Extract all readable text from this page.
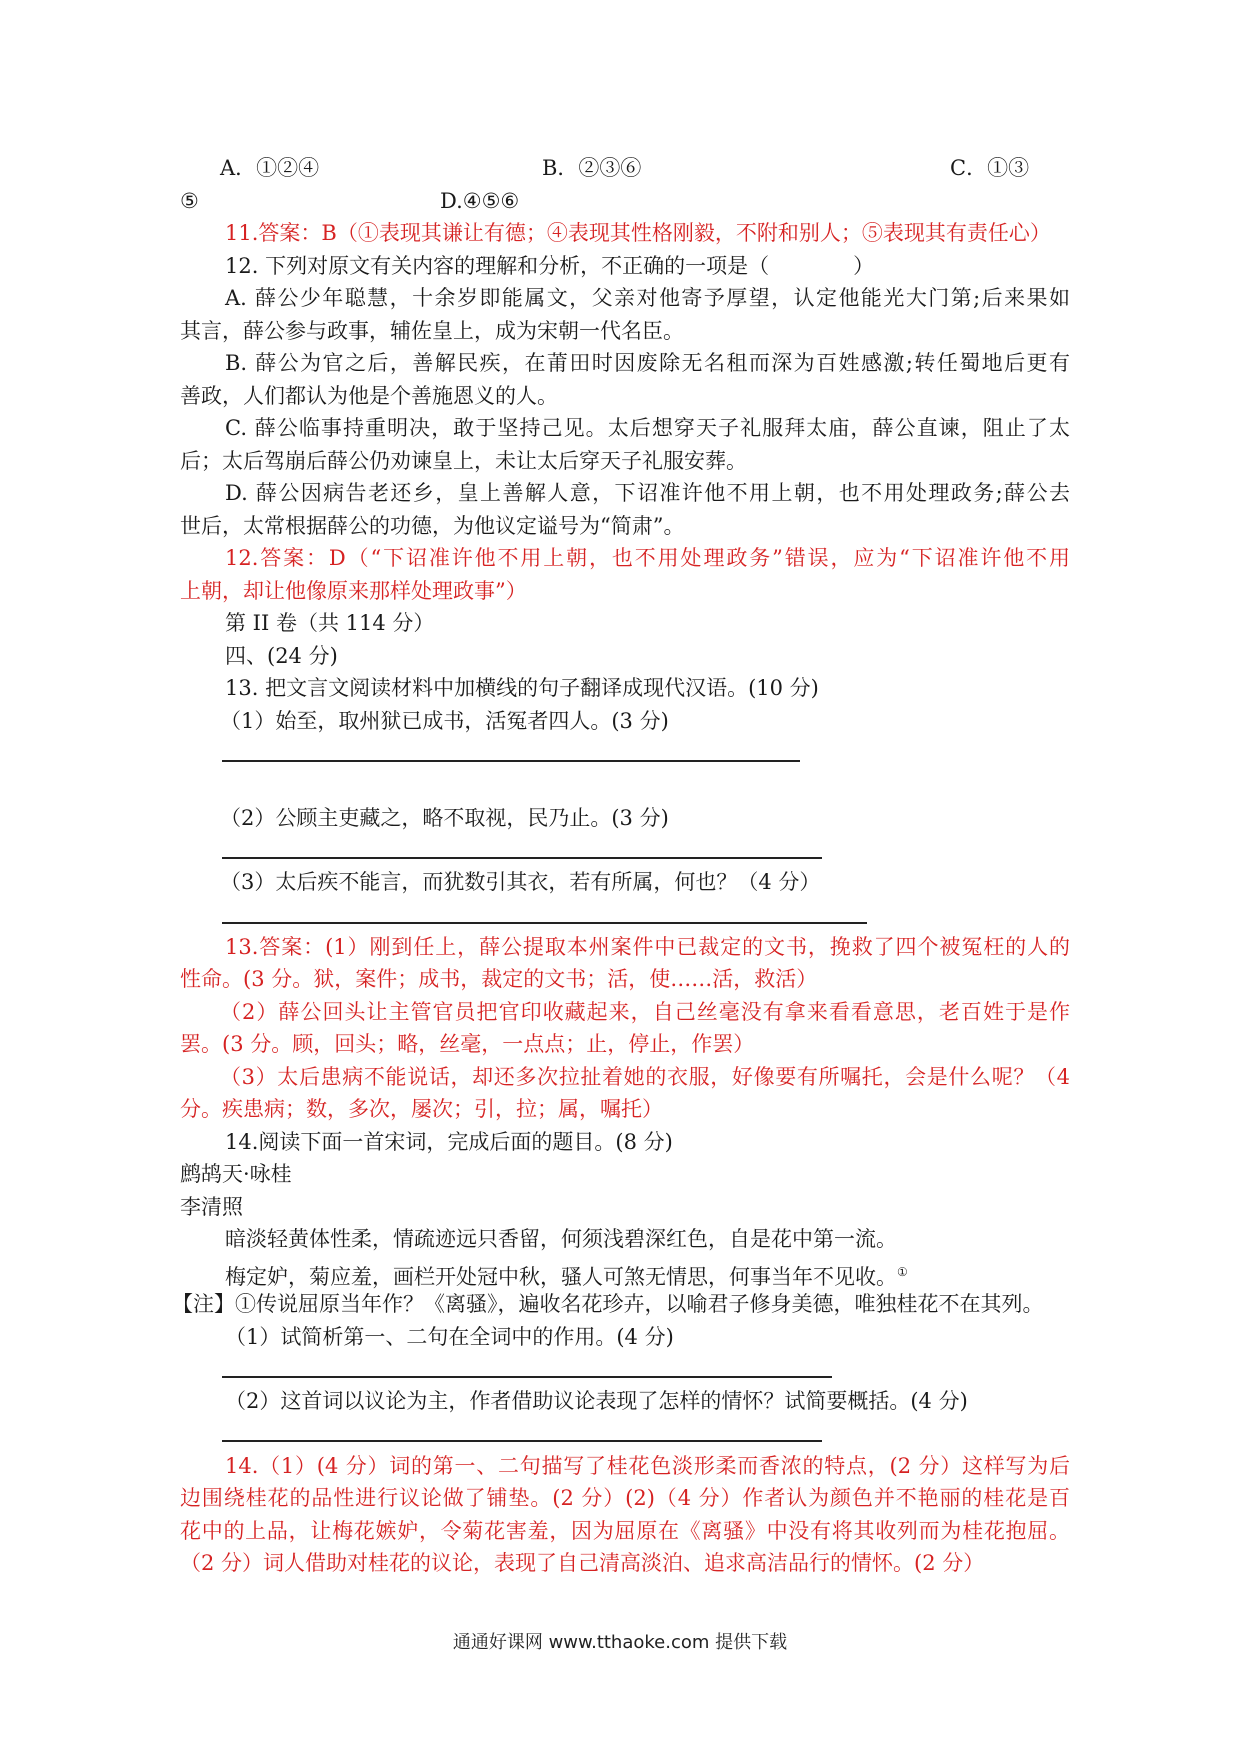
A．①②④	B．②③⑥	C．①③
⑤	D.④⑤⑥
11.答案：B（①表现其谦让有德；④表现其性格刚毅，不附和别人；⑤表现其有责任心）
12. 下列对原文有关内容的理解和分析，不正确的一项是（　　　　）
A. 薛公少年聪慧，十余岁即能属文，父亲对他寄予厚望，认定他能光大门第;后来果如
其言，薛公参与政事，辅佐皇上，成为宋朝一代名臣。
B. 薛公为官之后，善解民疾，在莆田时因废除无名租而深为百姓感激;转任蜀地后更有
善政，人们都认为他是个善施恩义的人。
C. 薛公临事持重明决，敢于坚持己见。太后想穿天子礼服拜太庙，薛公直谏，阻止了太
后；太后驾崩后薛公仍劝谏皇上，未让太后穿天子礼服安葬。
D. 薛公因病告老还乡，皇上善解人意，下诏准许他不用上朝，也不用处理政务;薛公去
世后，太常根据薛公的功德，为他议定谥号为“简肃”。
12.答案：D（“下诏准许他不用上朝，也不用处理政务”错误，应为“下诏准许他不用
上朝，却让他像原来那样处理政事”）
第 II 卷（共 114 分）
四、(24 分)
13. 把文言文阅读材料中加横线的句子翻译成现代汉语。(10 分)
（1）始至，取州狱已成书，活冤者四人。(3 分)
（2）公顾主吏藏之，略不取视，民乃止。(3 分)
（3）太后疾不能言，而犹数引其衣，若有所属，何也？（4 分）
13.答案：(1）刚到任上，薛公提取本州案件中已裁定的文书，挽救了四个被冤枉的人的
性命。(3 分。狱，案件；成书，裁定的文书；活，使……活，救活）
（2）薛公回头让主管官员把官印收藏起来，自己丝毫没有拿来看看意思，老百姓于是作
罢。(3 分。顾，回头；略，丝毫，一点点；止，停止，作罢）
（3）太后患病不能说话，却还多次拉扯着她的衣服，好像要有所嘱托，会是什么呢？（4
分。疾患病；数，多次，屡次；引，拉；属，嘱托）
14.阅读下面一首宋词，完成后面的题目。(8 分)
鹧鸪天·咏桂
李清照
暗淡轻黄体性柔，情疏迹远只香留，何须浅碧深红色，自是花中第一流。
梅定妒，菊应羞，画栏开处冠中秋，骚人可煞无情思，何事当年不见收。①
【注】①传说屈原当年作？《离骚》，遍收名花珍卉，以喻君子修身美德，唯独桂花不在其列。
（1）试简析第一、二句在全词中的作用。(4 分)
（2）这首词以议论为主，作者借助议论表现了怎样的情怀？试简要概括。(4 分)
14.（1）(4 分）词的第一、二句描写了桂花色淡形柔而香浓的特点，(2 分）这样写为后
边围绕桂花的品性进行议论做了铺垫。(2 分）(2)（4 分）作者认为颜色并不艳丽的桂花是百
花中的上品，让梅花嫉妒，令菊花害羞，因为屈原在《离骚》中没有将其收列而为桂花抱屈。
（2 分）词人借助对桂花的议论，表现了自己清高淡泊、追求高洁品行的情怀。(2 分）
通通好课网 www.tthaoke.com 提供下载
